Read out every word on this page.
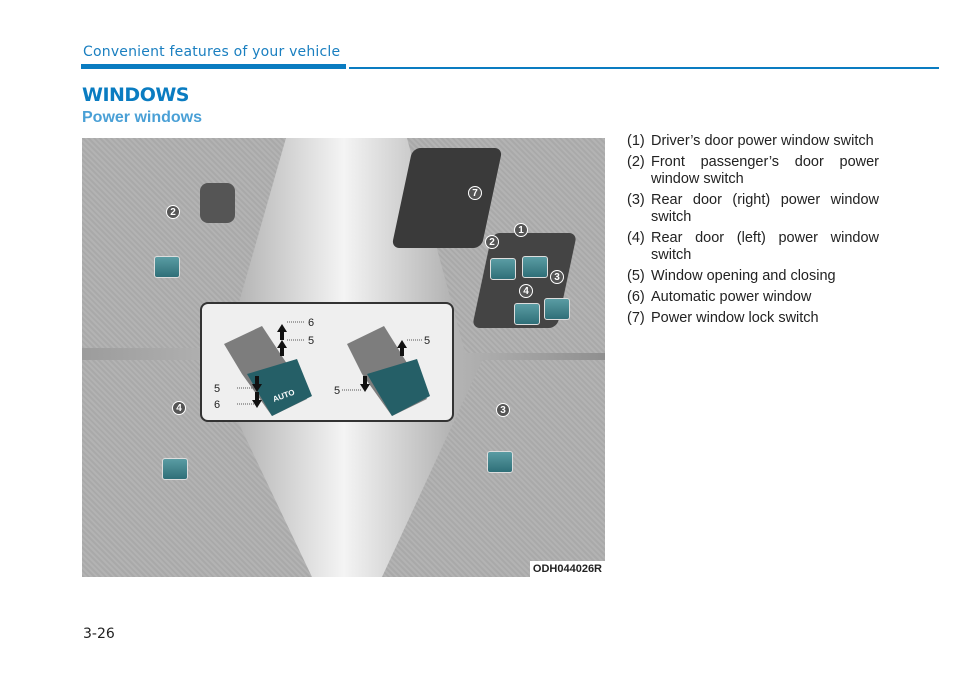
Convenient features of your vehicle
WINDOWS
Power windows
1
2
3
4
7
2
4	3
6
5
5
6
5
5
AUTO
ODH044026R
(1) Driver’s door power window switch
(2) Front passenger’s door power window switch
(3) Rear door (right) power window switch
(4) Rear door (left) power window switch
(5) Window opening and closing
(6) Automatic power window
(7) Power window lock switch
3-26
